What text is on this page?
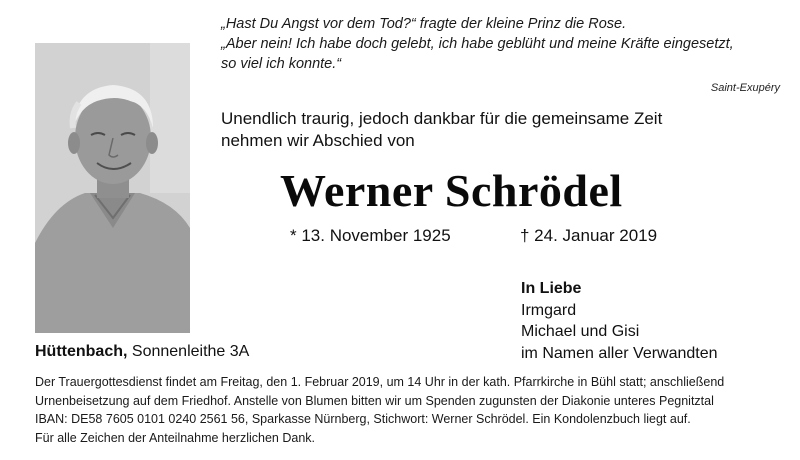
„Hast Du Angst vor dem Tod?“ fragte der kleine Prinz die Rose.
„Aber nein! Ich habe doch gelebt, ich habe geblüht und meine Kräfte eingesetzt,
so viel ich konnte.“
Saint-Exupéry
Unendlich traurig, jedoch dankbar für die gemeinsame Zeit
nehmen wir Abschied von
Werner Schrödel
* 13. November 1925	† 24. Januar 2019
In Liebe
Irmgard
Michael und Gisi
im Namen aller Verwandten
Hüttenbach, Sonnenleithe 3A
Der Trauergottesdienst findet am Freitag, den 1. Februar 2019, um 14 Uhr in der kath. Pfarrkirche in Bühl statt; anschließend
Urnenbeisetzung auf dem Friedhof. Anstelle von Blumen bitten wir um Spenden zugunsten der Diakonie unteres Pegnitztal
IBAN: DE58 7605 0101 0240 2561 56, Sparkasse Nürnberg, Stichwort: Werner Schrödel. Ein Kondolenzbuch liegt auf.
Für alle Zeichen der Anteilnahme herzlichen Dank.
